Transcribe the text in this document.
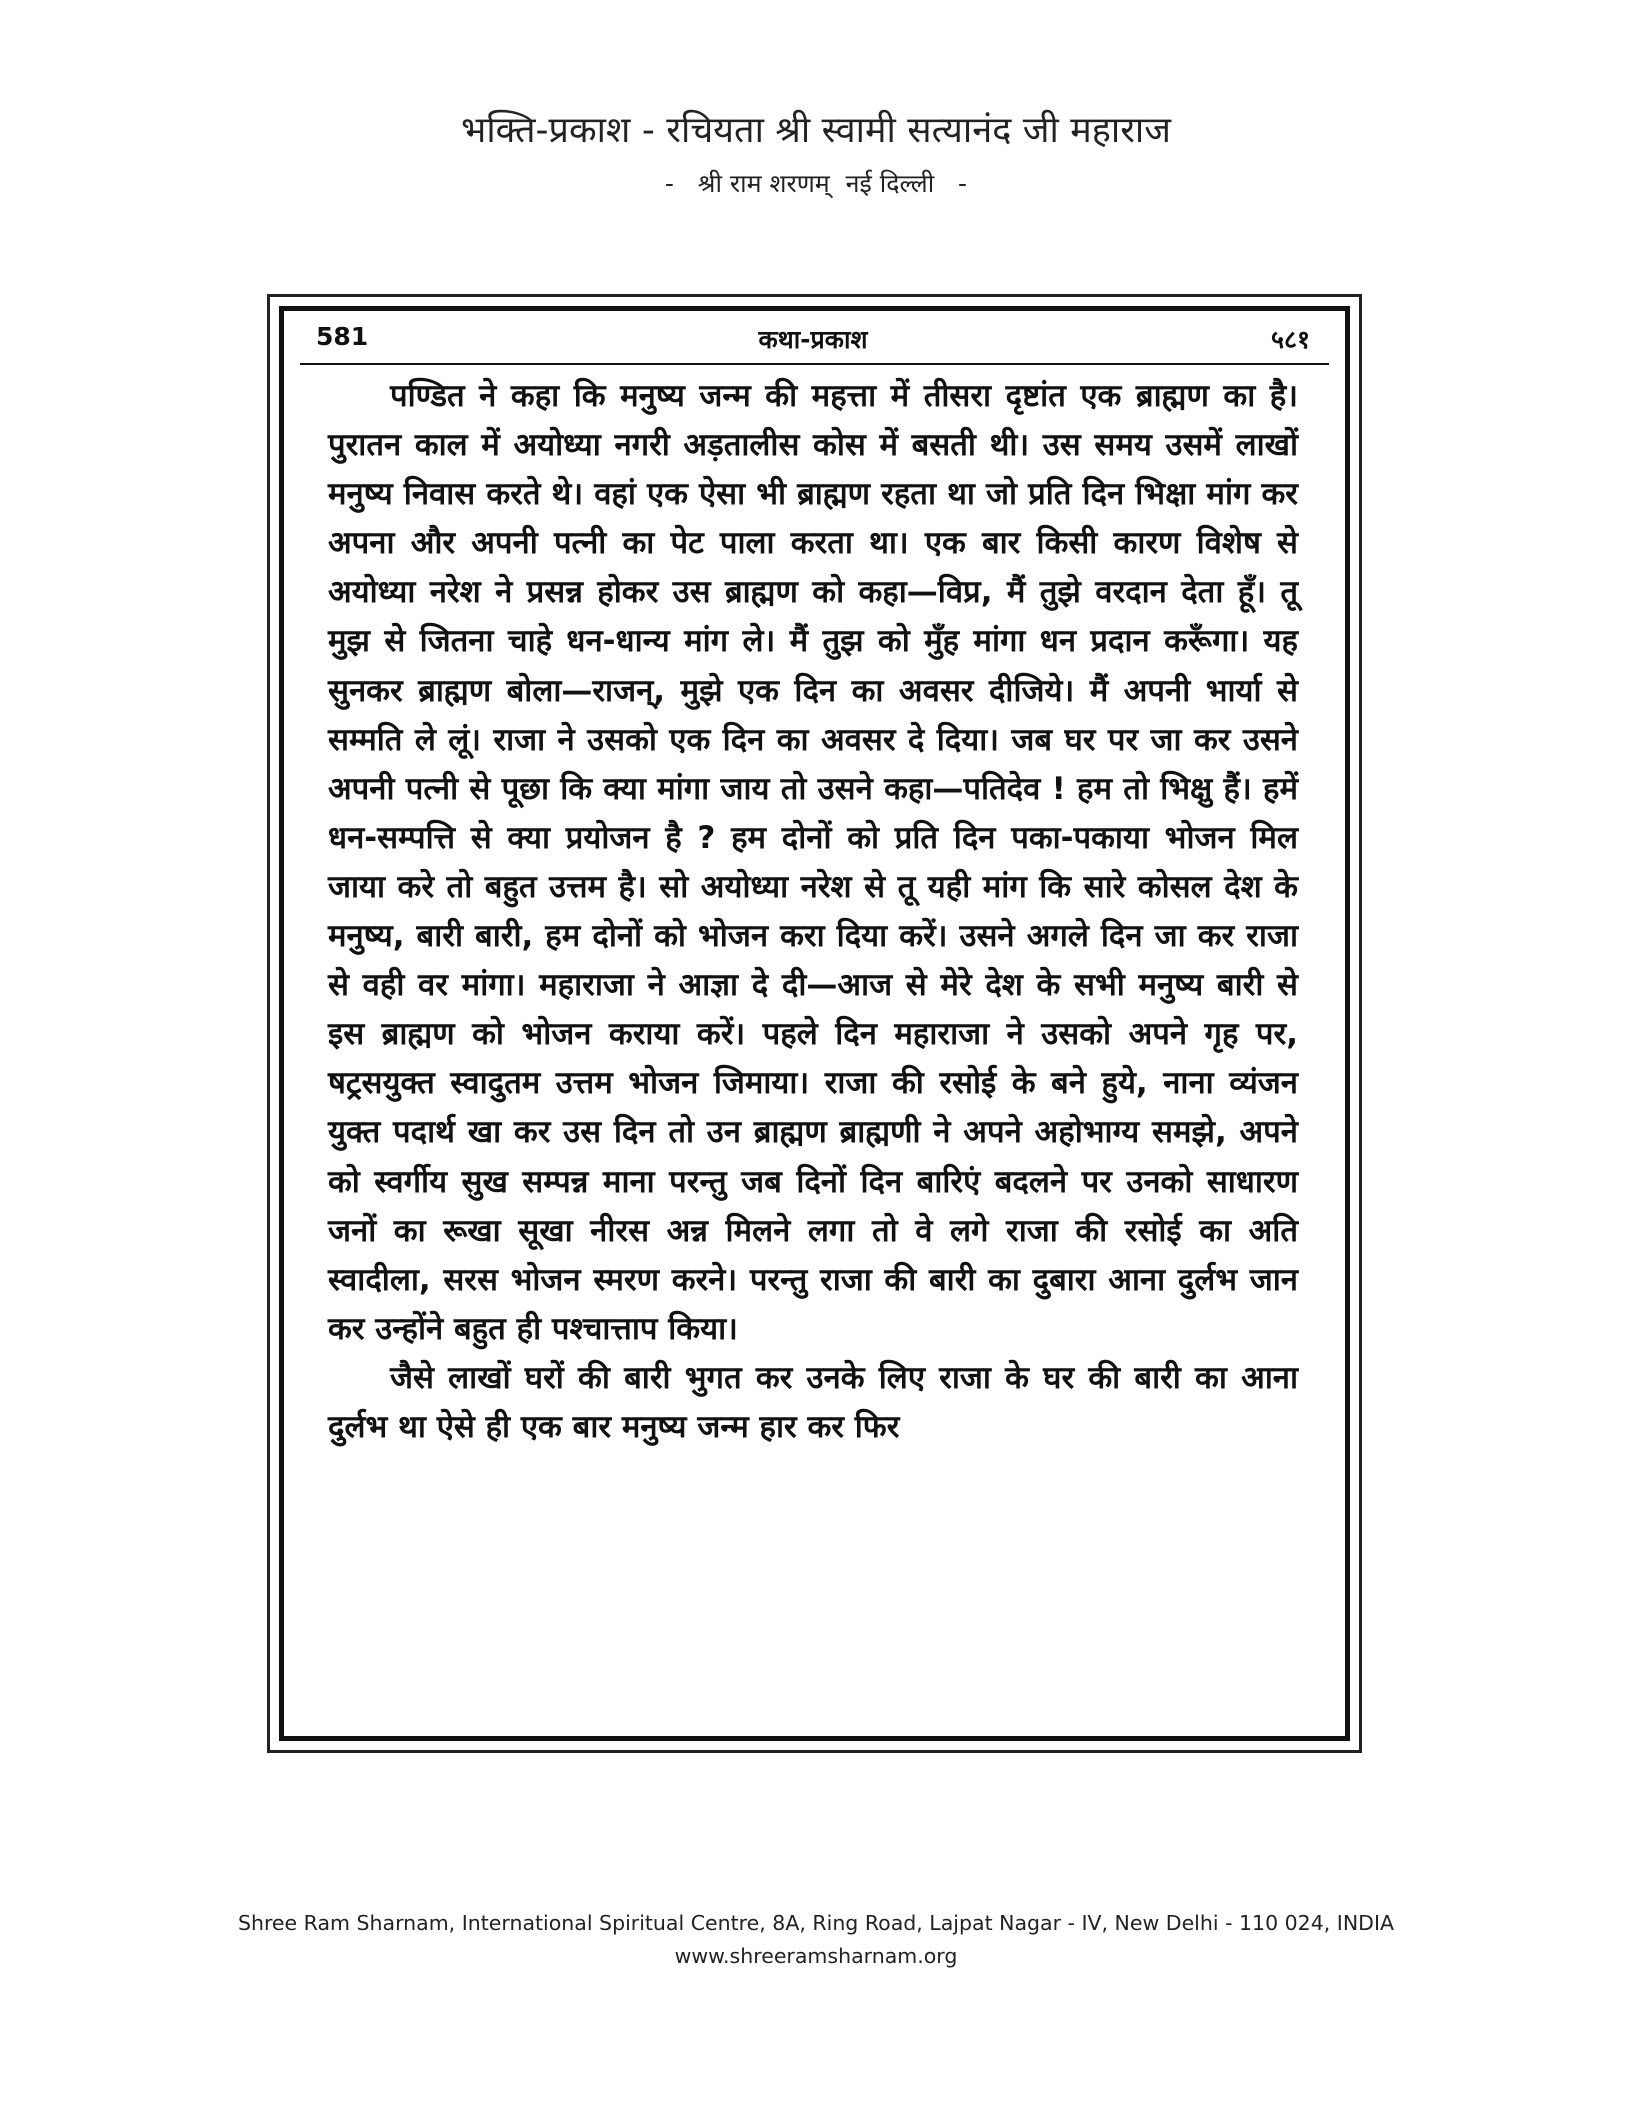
भक्ति-प्रकाश - रचियता श्री स्वामी सत्यानंद जी महाराज
-   श्री राम शरणम्  नई दिल्ली   -
कथा-प्रकाश
581	५८१

पण्डित ने कहा कि मनुष्य जन्म की महत्ता में तीसरा दृष्टांत एक ब्राह्मण का है। पुरातन काल में अयोध्या नगरी अड़तालीस कोस में बसती थी। उस समय उसमें लाखों मनुष्य निवास करते थे। वहां एक ऐसा भी ब्राह्मण रहता था जो प्रति दिन भिक्षा मांग कर अपना और अपनी पत्नी का पेट पाला करता था। एक बार किसी कारण विशेष से अयोध्या नरेश ने प्रसन्न होकर उस ब्राह्मण को कहा—विप्र, मैं तुझे वरदान देता हूँ। तू मुझ से जितना चाहे धन-धान्य मांग ले। मैं तुझ को मुँह मांगा धन प्रदान करूँगा। यह सुनकर ब्राह्मण बोला—राजन्, मुझे एक दिन का अवसर दीजिये। मैं अपनी भार्या से सम्मति ले लूं। राजा ने उसको एक दिन का अवसर दे दिया। जब घर पर जा कर उसने अपनी पत्नी से पूछा कि क्या मांगा जाय तो उसने कहा—पतिदेव ! हम तो भिक्षु हैं। हमें धन-सम्पत्ति से क्या प्रयोजन है ? हम दोनों को प्रति दिन पका-पकाया भोजन मिल जाया करे तो बहुत उत्तम है। सो अयोध्या नरेश से तू यही मांग कि सारे कोसल देश के मनुष्य, बारी बारी, हम दोनों को भोजन करा दिया करें। उसने अगले दिन जा कर राजा से वही वर मांगा। महाराजा ने आज्ञा दे दी—आज से मेरे देश के सभी मनुष्य बारी से इस ब्राह्मण को भोजन कराया करें। पहले दिन महाराजा ने उसको अपने गृह पर, षट्रसयुक्त स्वादुतम उत्तम भोजन जिमाया। राजा की रसोई के बने हुये, नाना व्यंजन युक्त पदार्थ खा कर उस दिन तो उन ब्राह्मण ब्राह्मणी ने अपने अहोभाग्य समझे, अपने को स्वर्गीय सुख सम्पन्न माना परन्तु जब दिनों दिन बारिएं बदलने पर उनको साधारण जनों का रूखा सूखा नीरस अन्न मिलने लगा तो वे लगे राजा की रसोई का अति स्वादीला, सरस भोजन स्मरण करने। परन्तु राजा की बारी का दुबारा आना दुर्लभ जान कर उन्होंने बहुत ही पश्चात्ताप किया।

जैसे लाखों घरों की बारी भुगत कर उनके लिए राजा के घर की बारी का आना दुर्लभ था ऐसे ही एक बार मनुष्य जन्म हार कर फिर

Shree Ram Sharnam, International Spiritual Centre, 8A, Ring Road, Lajpat Nagar - IV, New Delhi - 110 024, INDIA
www.shreeramsharnam.org
